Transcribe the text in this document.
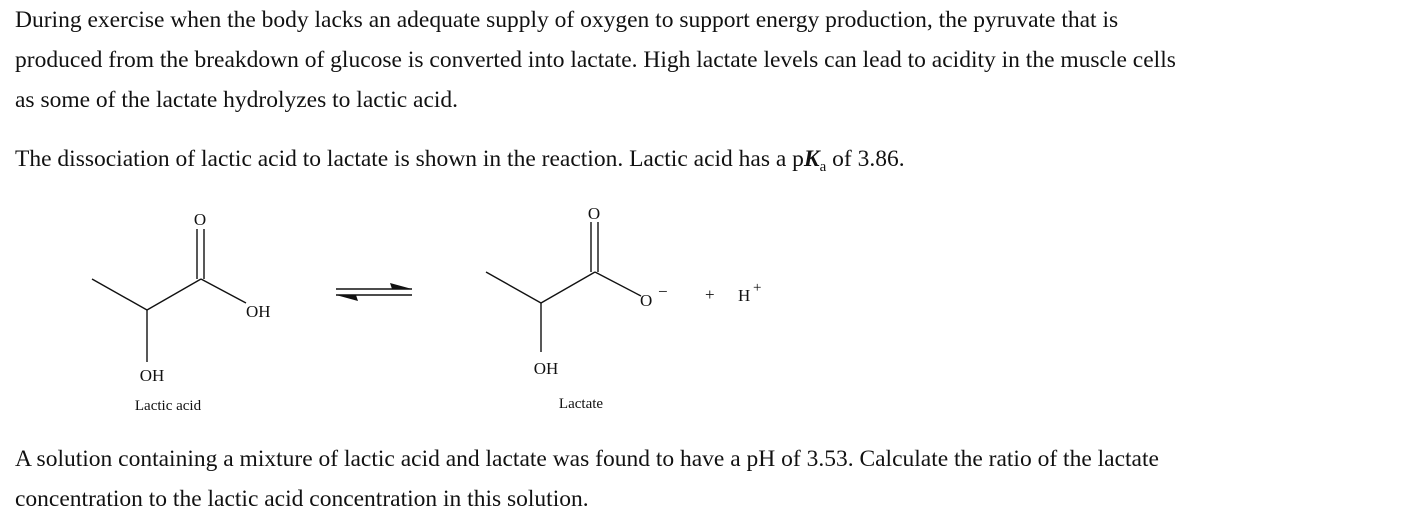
During exercise when the body lacks an adequate supply of oxygen to support energy production, the pyruvate that is
produced from the breakdown of glucose is converted into lactate. High lactate levels can lead to acidity in the muscle cells
as some of the lactate hydrolyzes to lactic acid.
The dissociation of lactic acid to lactate is shown in the reaction. Lactic acid has a $pK_a$ of 3.86.
O
OH
OH
Lactic acid
O
O −
OH
Lactate
+ H +
A solution containing a mixture of lactic acid and lactate was found to have a pH of 3.53. Calculate the ratio of the lactate
concentration to the lactic acid concentration in this solution.
